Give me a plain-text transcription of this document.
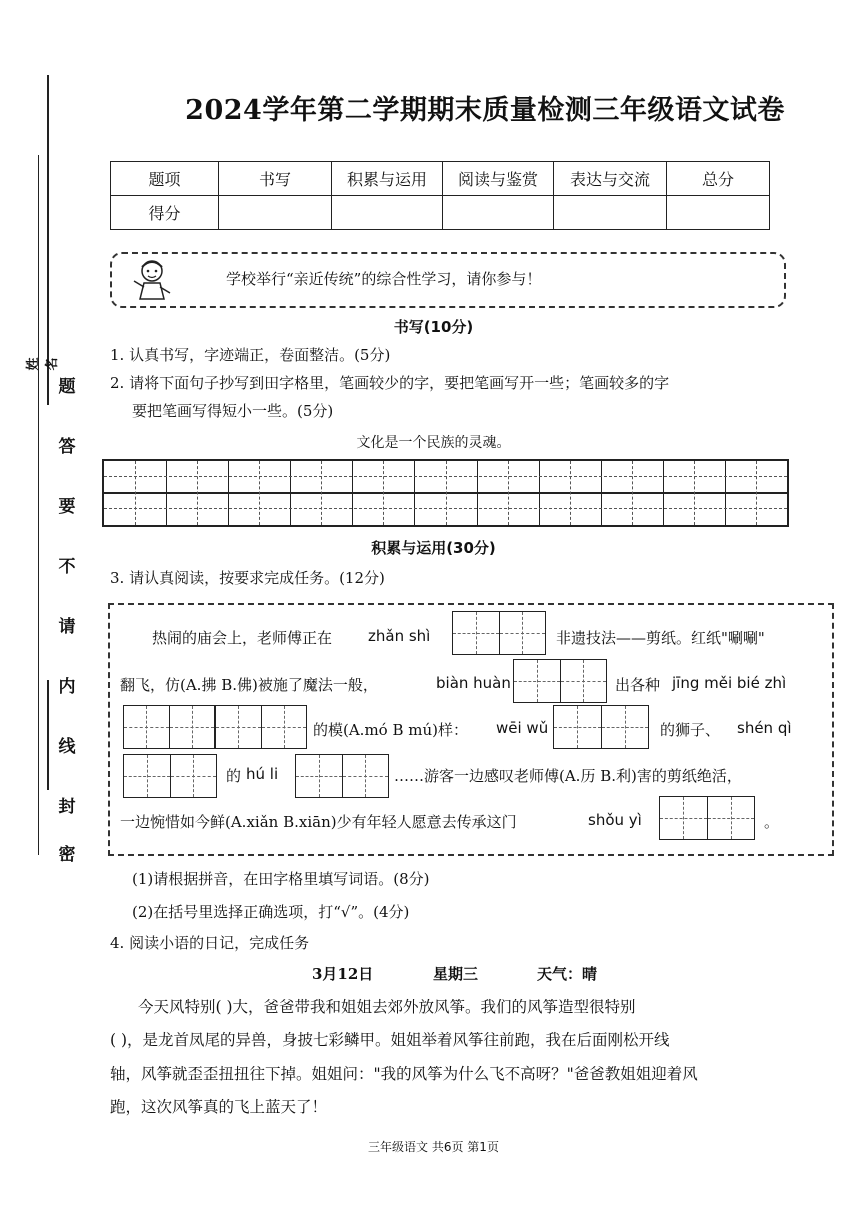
姓名
题
答
要
不
请
内
线
封
密
2024学年第二学期期末质量检测三年级语文试卷
题项	书写	积累与运用	阅读与鉴赏	表达与交流	总分
得分					
学校举行“亲近传统”的综合性学习，请你参与！
书写(10分)
1. 认真书写，字迹端正，卷面整洁。(5分)
2. 请将下面句子抄写到田字格里，笔画较少的字，要把笔画写开一些；笔画较多的字
要把笔画写得短小一些。(5分)
文化是一个民族的灵魂。
积累与运用(30分)
3. 请认真阅读，按要求完成任务。(12分)
热闹的庙会上，老师傅正在 zhǎn shì	非遗技法——剪纸。红纸"唰唰"
翻飞，仿(A.拂 B.佛)被施了魔法一般，	biàn huàn	出各种 jīng měi bié zhì
的模(A.mó B mú)样： wēi wǔ	的狮子、 shén qì
的 hú li	……游客一边感叹老师傅(A.历 B.利)害的剪纸绝活，
一边惋惜如今鲜(A.xiǎn B.xiān)少有年轻人愿意去传承这门	shǒu yì	。
(1)请根据拼音，在田字格里填写词语。(8分)
(2)在括号里选择正确选项，打“√”。(4分)
4. 阅读小语的日记，完成任务
3月12日	星期三	天气：晴
今天风特别( )大，爸爸带我和姐姐去郊外放风筝。我们的风筝造型很特别
( )，是龙首凤尾的异兽，身披七彩鳞甲。姐姐举着风筝往前跑，我在后面刚松开线
轴，风筝就歪歪扭扭往下掉。姐姐问："我的风筝为什么飞不高呀？"爸爸教姐姐迎着风
跑，这次风筝真的飞上蓝天了！
三年级语文 共6页 第1页
